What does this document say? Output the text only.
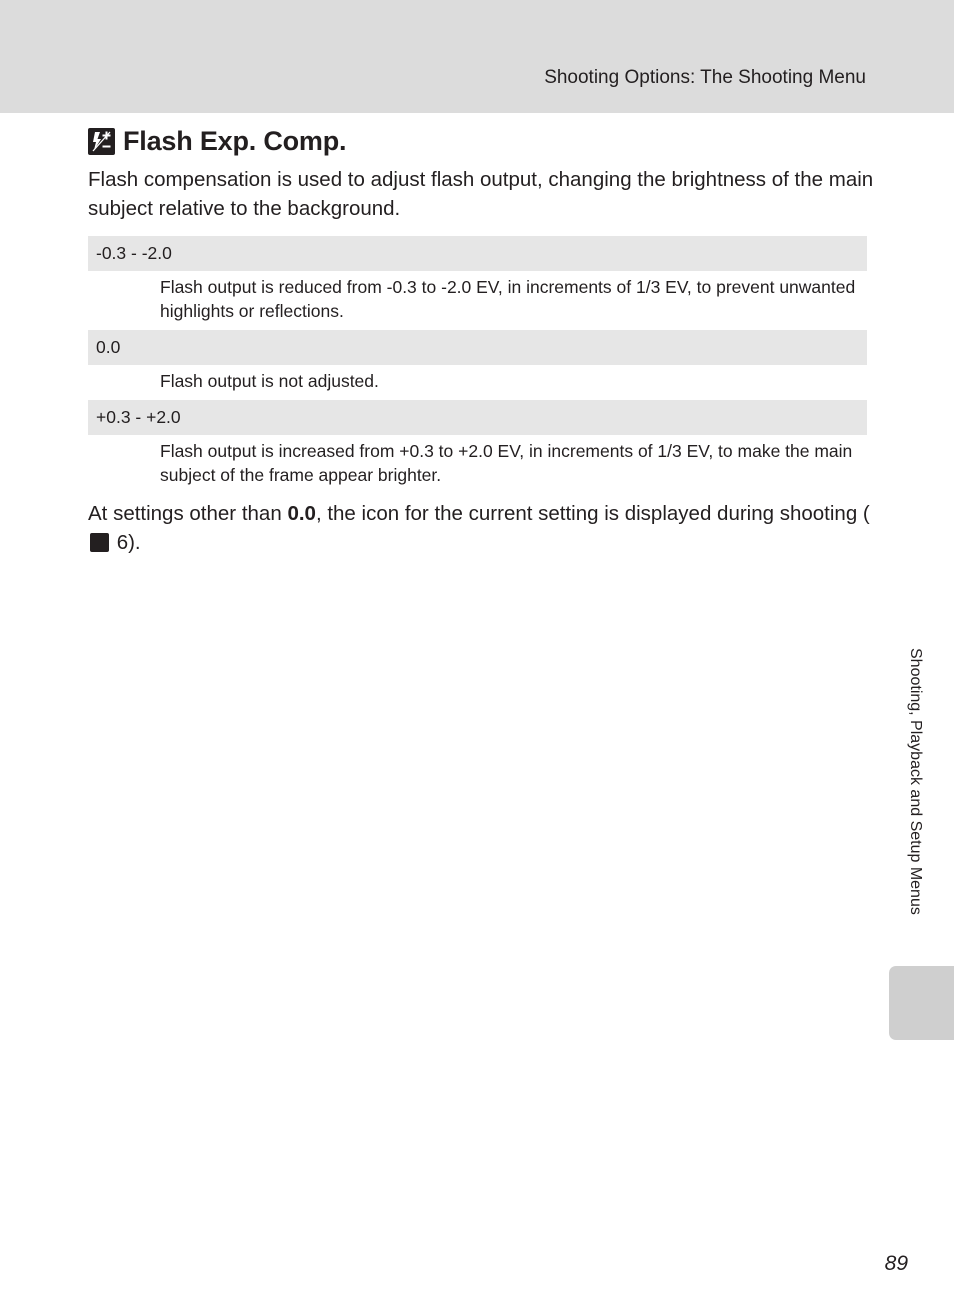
Shooting Options: The Shooting Menu
Flash Exp. Comp.
Flash compensation is used to adjust flash output, changing the brightness of the main subject relative to the background.
-0.3 - -2.0
Flash output is reduced from -0.3 to -2.0 EV, in increments of 1/3 EV, to prevent unwanted highlights or reflections.
0.0
Flash output is not adjusted.
+0.3 - +2.0
Flash output is increased from +0.3 to +2.0 EV, in increments of 1/3 EV, to make the main subject of the frame appear brighter.
At settings other than 0.0, the icon for the current setting is displayed during shooting ( 6).
Shooting, Playback and Setup Menus
89
